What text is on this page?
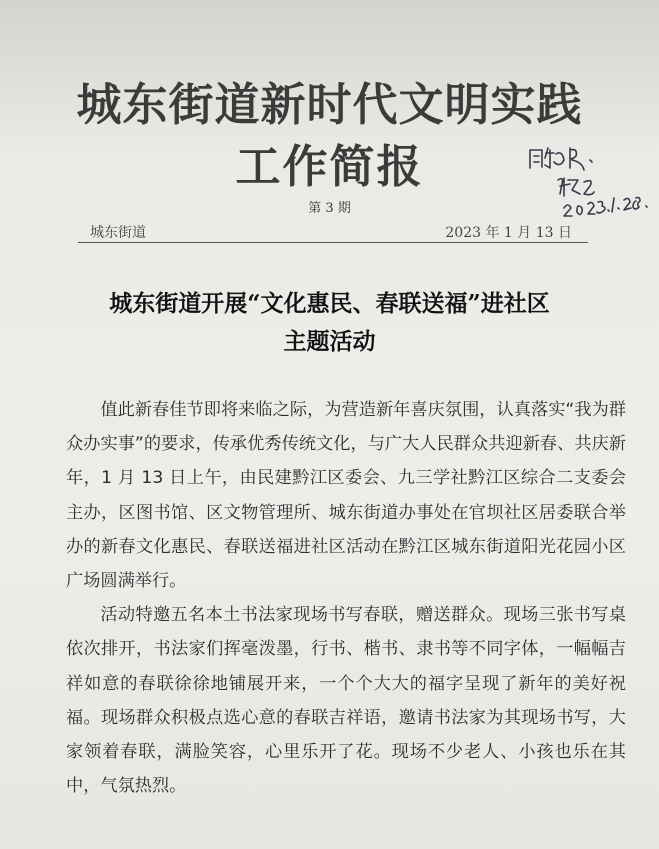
城东街道新时代文明实践
工作简报
第 3 期
城东街道	2023 年 1 月 13 日
城东街道开展“文化惠民、春联送福”进社区
主题活动

值此新春佳节即将来临之际，为营造新年喜庆氛围，认真落实“我为群众办实事”的要求，传承优秀传统文化，与广大人民群众共迎新春、共庆新年，1 月 13 日上午，由民建黔江区委会、九三学社黔江区综合二支委会主办，区图书馆、区文物管理所、城东街道办事处在官坝社区居委联合举办的新春文化惠民、春联送福进社区活动在黔江区城东街道阳光花园小区广场圆满举行。

活动特邀五名本土书法家现场书写春联，赠送群众。现场三张书写桌依次排开，书法家们挥毫泼墨，行书、楷书、隶书等不同字体，一幅幅吉祥如意的春联徐徐地铺展开来，一个个大大的福字呈现了新年的美好祝福。现场群众积极点选心意的春联吉祥语，邀请书法家为其现场书写，大家领着春联，满脸笑容，心里乐开了花。现场不少老人、小孩也乐在其中，气氛热烈。
